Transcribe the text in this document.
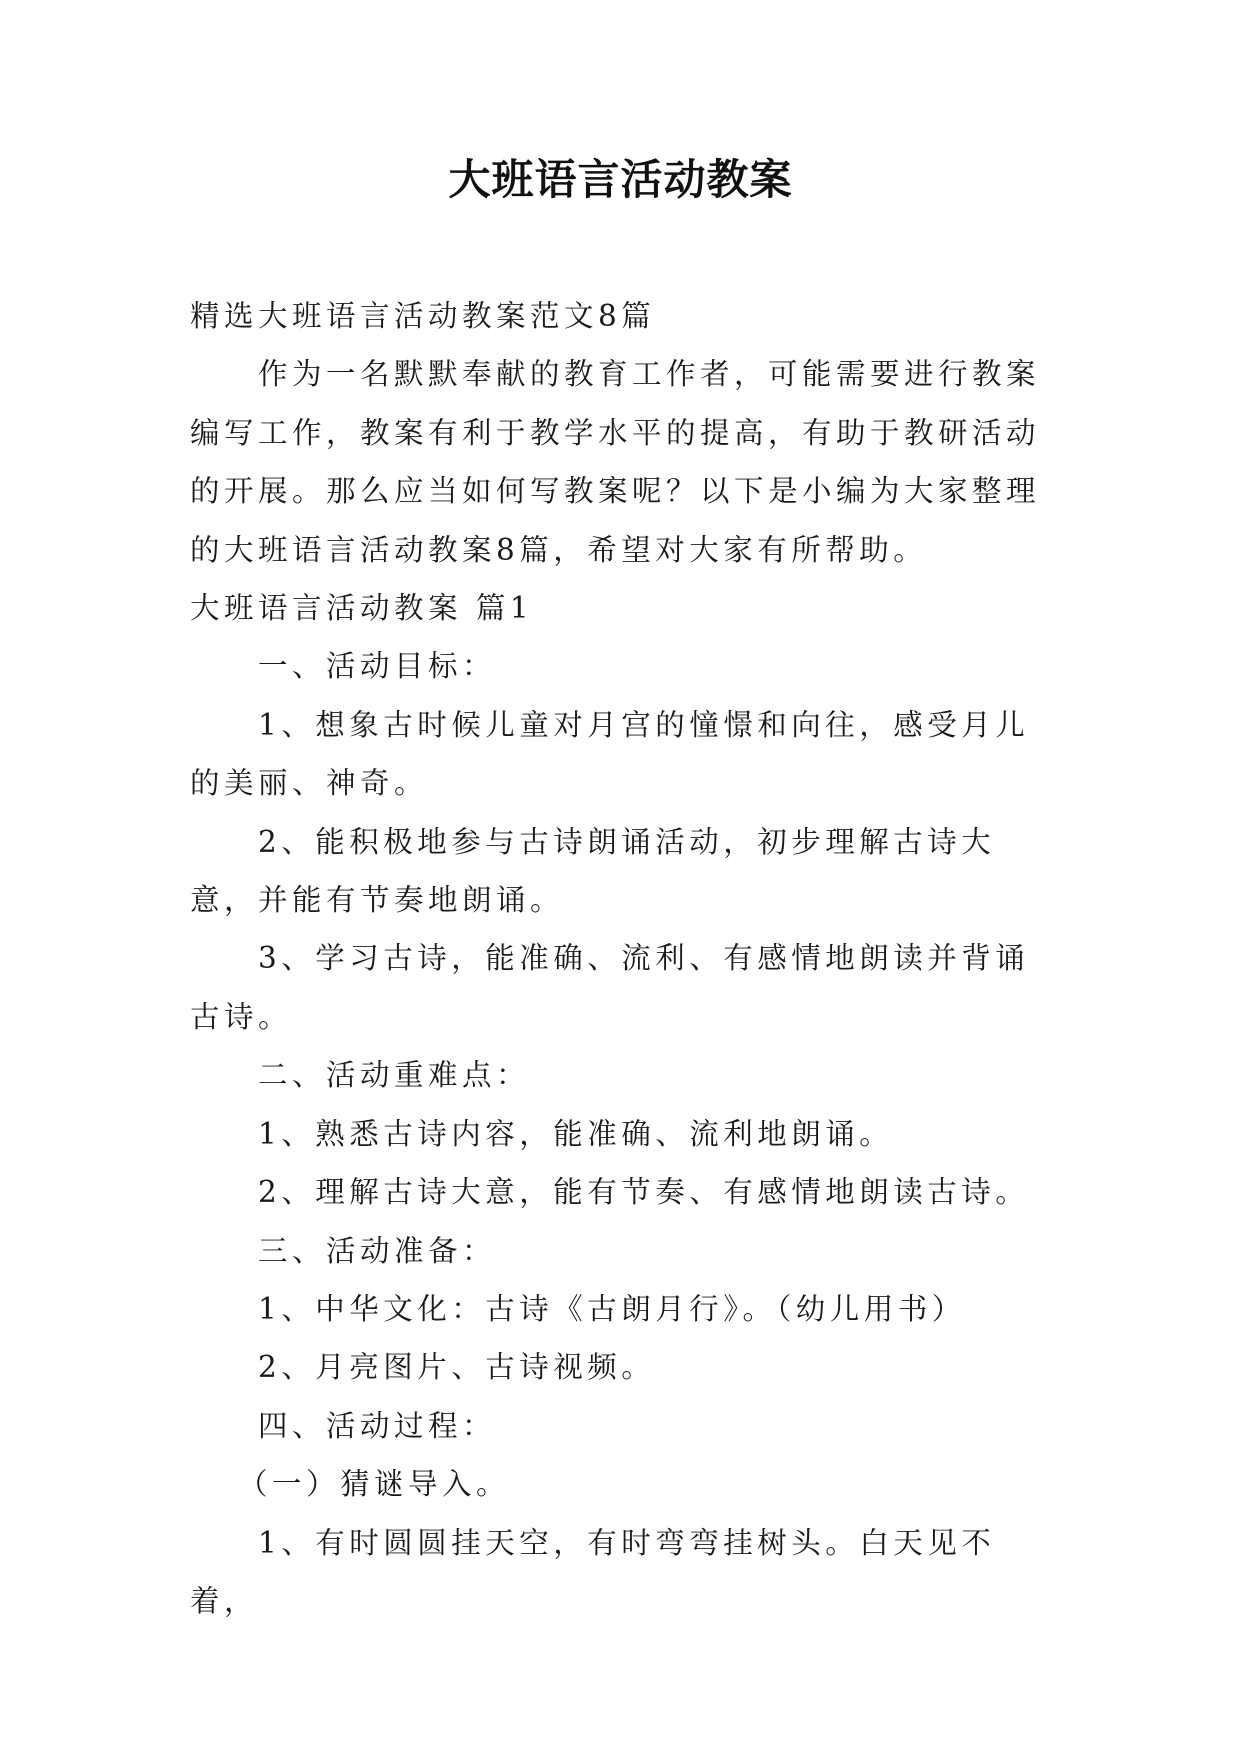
大班语言活动教案

精选大班语言活动教案范文8篇

作为一名默默奉献的教育工作者，可能需要进行教案编写工作，教案有利于教学水平的提高，有助于教研活动的开展。那么应当如何写教案呢？以下是小编为大家整理的大班语言活动教案8篇，希望对大家有所帮助。

大班语言活动教案 篇1

一、活动目标：

1、想象古时候儿童对月宫的憧憬和向往，感受月儿的美丽、神奇。

2、能积极地参与古诗朗诵活动，初步理解古诗大意，并能有节奏地朗诵。

3、学习古诗，能准确、流利、有感情地朗读并背诵古诗。

二、活动重难点：

1、熟悉古诗内容，能准确、流利地朗诵。

2、理解古诗大意，能有节奏、有感情地朗读古诗。

三、活动准备：

1、中华文化：古诗《古朗月行》。（幼儿用书）

2、月亮图片、古诗视频。

四、活动过程：

（一）猜谜导入。

1、有时圆圆挂天空，有时弯弯挂树头。白天见不着，
